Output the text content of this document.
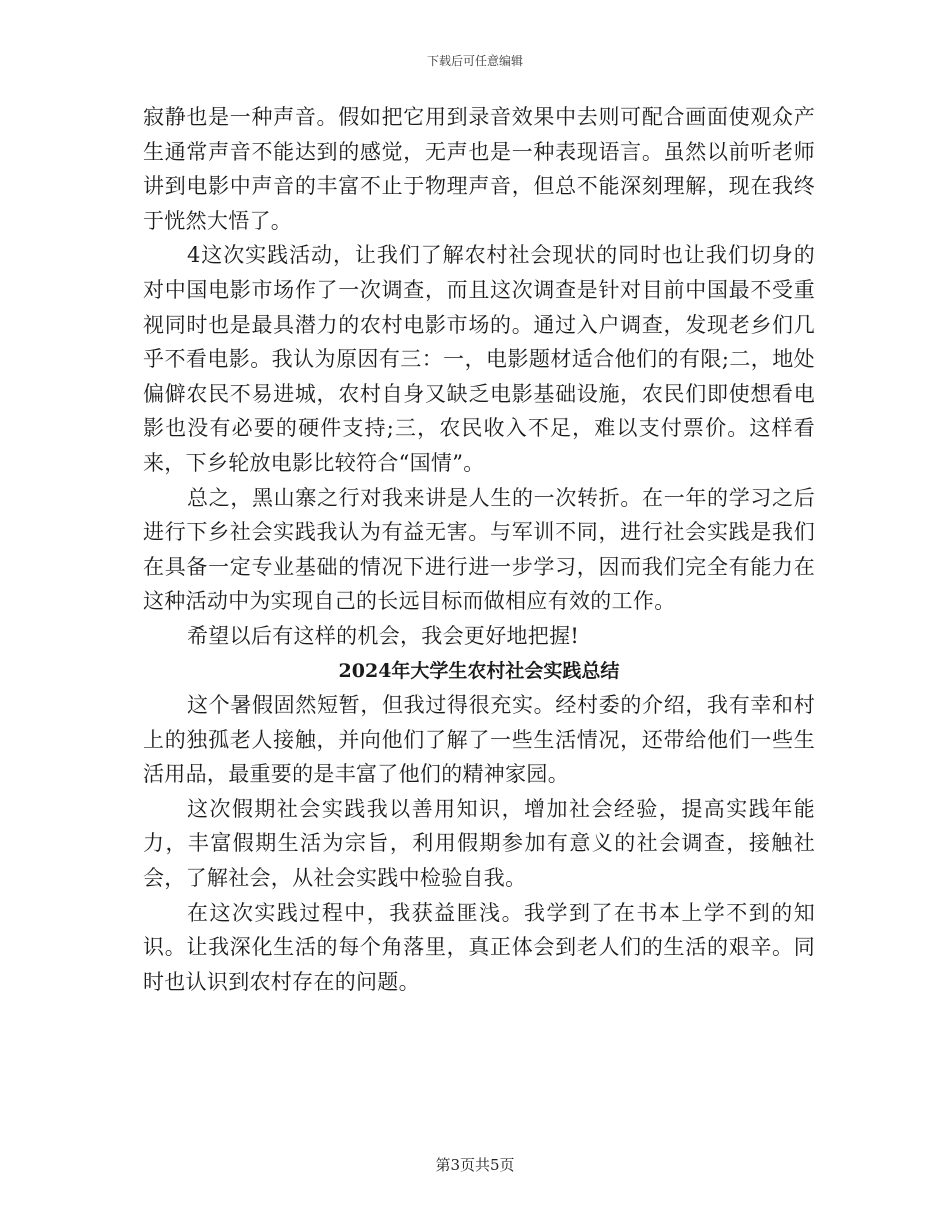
下载后可任意编辑

寂静也是一种声音。假如把它用到录音效果中去则可配合画面使观众产生通常声音不能达到的感觉，无声也是一种表现语言。虽然以前听老师讲到电影中声音的丰富不止于物理声音，但总不能深刻理解，现在我终于恍然大悟了。

4这次实践活动，让我们了解农村社会现状的同时也让我们切身的对中国电影市场作了一次调查，而且这次调查是针对目前中国最不受重视同时也是最具潜力的农村电影市场的。通过入户调查，发现老乡们几乎不看电影。我认为原因有三：一，电影题材适合他们的有限;二，地处偏僻农民不易进城，农村自身又缺乏电影基础设施，农民们即使想看电影也没有必要的硬件支持;三，农民收入不足，难以支付票价。这样看来，下乡轮放电影比较符合“国情”。

总之，黑山寨之行对我来讲是人生的一次转折。在一年的学习之后进行下乡社会实践我认为有益无害。与军训不同，进行社会实践是我们在具备一定专业基础的情况下进行进一步学习，因而我们完全有能力在这种活动中为实现自己的长远目标而做相应有效的工作。

希望以后有这样的机会，我会更好地把握!

2024年大学生农村社会实践总结

这个暑假固然短暂，但我过得很充实。经村委的介绍，我有幸和村上的独孤老人接触，并向他们了解了一些生活情况，还带给他们一些生活用品，最重要的是丰富了他们的精神家园。

这次假期社会实践我以善用知识，增加社会经验，提高实践年能力，丰富假期生活为宗旨，利用假期参加有意义的社会调查，接触社会，了解社会，从社会实践中检验自我。

在这次实践过程中，我获益匪浅。我学到了在书本上学不到的知识。让我深化生活的每个角落里，真正体会到老人们的生活的艰辛。同时也认识到农村存在的问题。

第3页共5页
